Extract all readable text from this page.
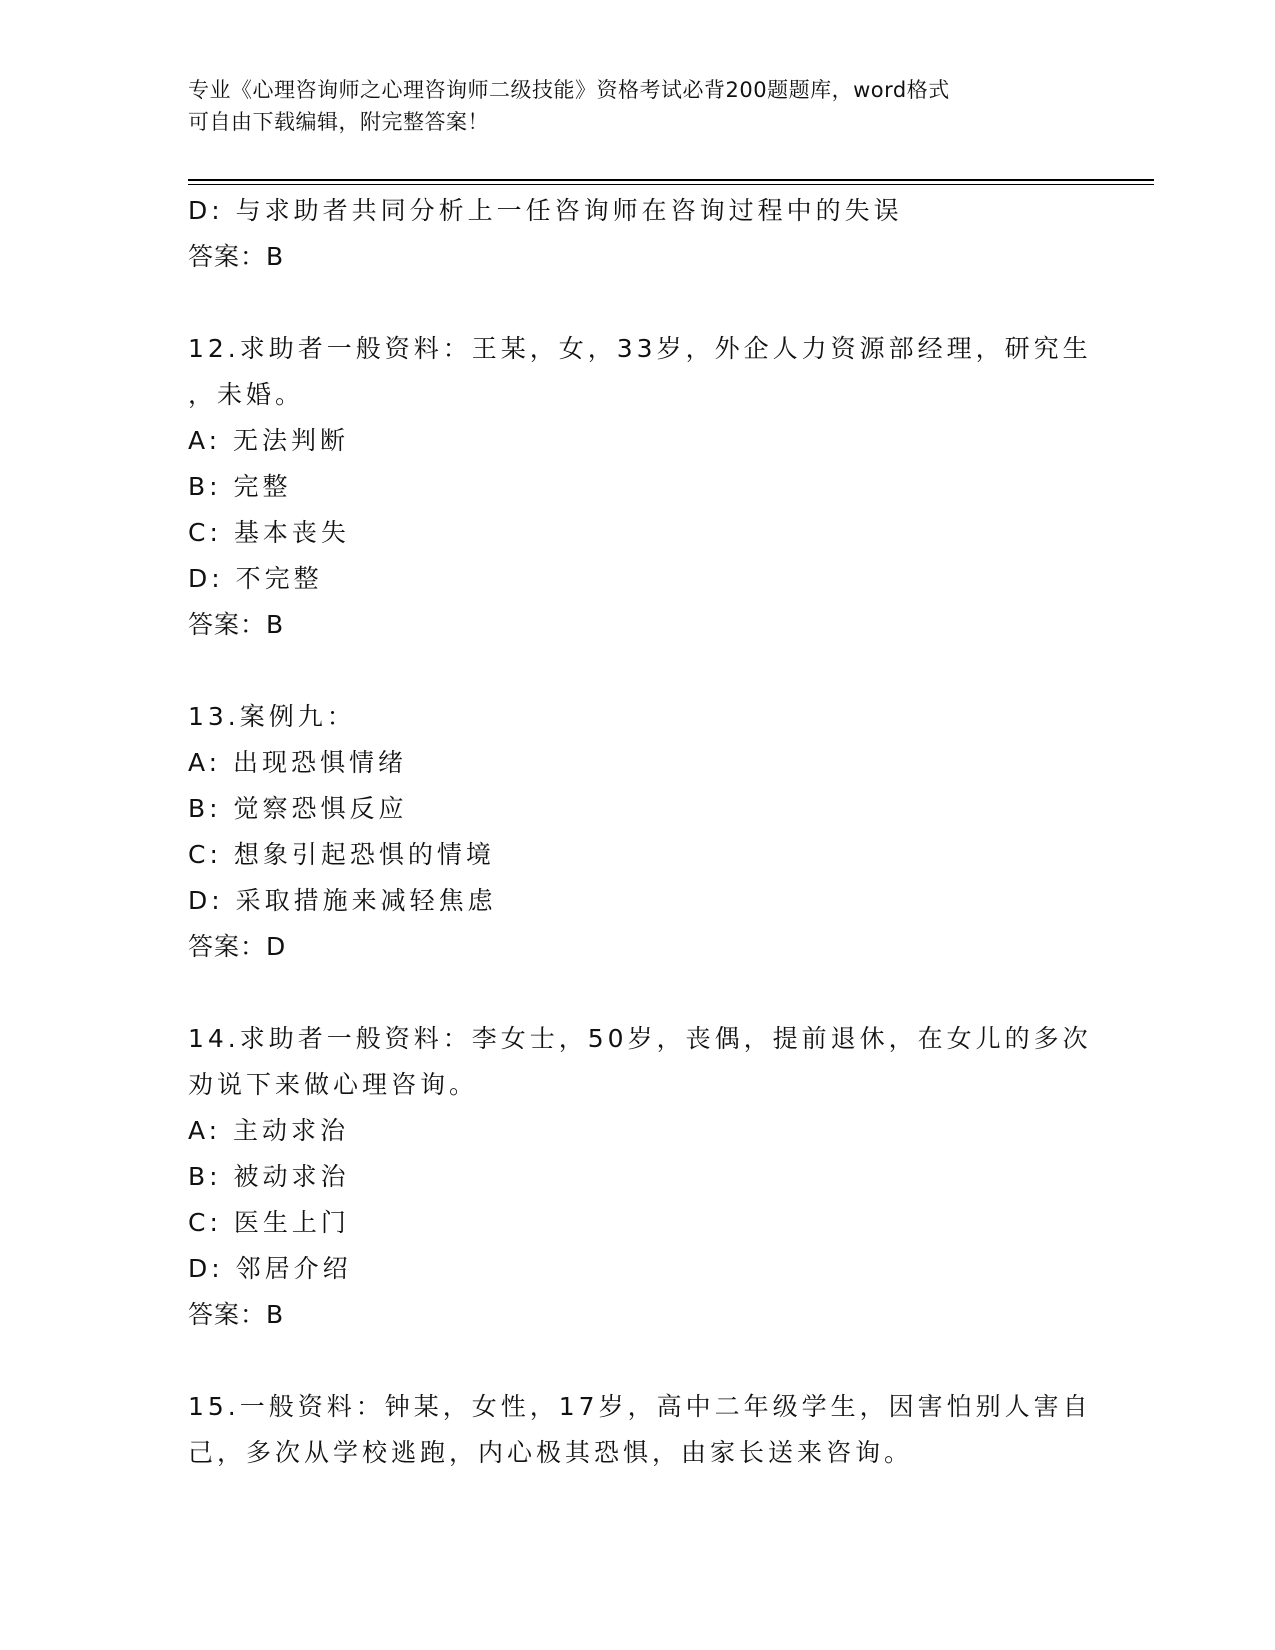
专业《心理咨询师之心理咨询师二级技能》资格考试必背200题题库，word格式
可自由下载编辑，附完整答案！
D: 与求助者共同分析上一任咨询师在咨询过程中的失误
答案：B
12.求助者一般资料：王某，女，33岁，外企人力资源部经理，研究生
，未婚。
A: 无法判断
B: 完整
C: 基本丧失
D: 不完整
答案：B
13.案例九：
A: 出现恐惧情绪
B: 觉察恐惧反应
C: 想象引起恐惧的情境
D: 采取措施来减轻焦虑
答案：D
14.求助者一般资料：李女士，50岁，丧偶，提前退休，在女儿的多次
劝说下来做心理咨询。
A: 主动求治
B: 被动求治
C: 医生上门
D: 邻居介绍
答案：B
15.一般资料：钟某，女性，17岁，高中二年级学生，因害怕别人害自
己，多次从学校逃跑，内心极其恐惧，由家长送来咨询。
